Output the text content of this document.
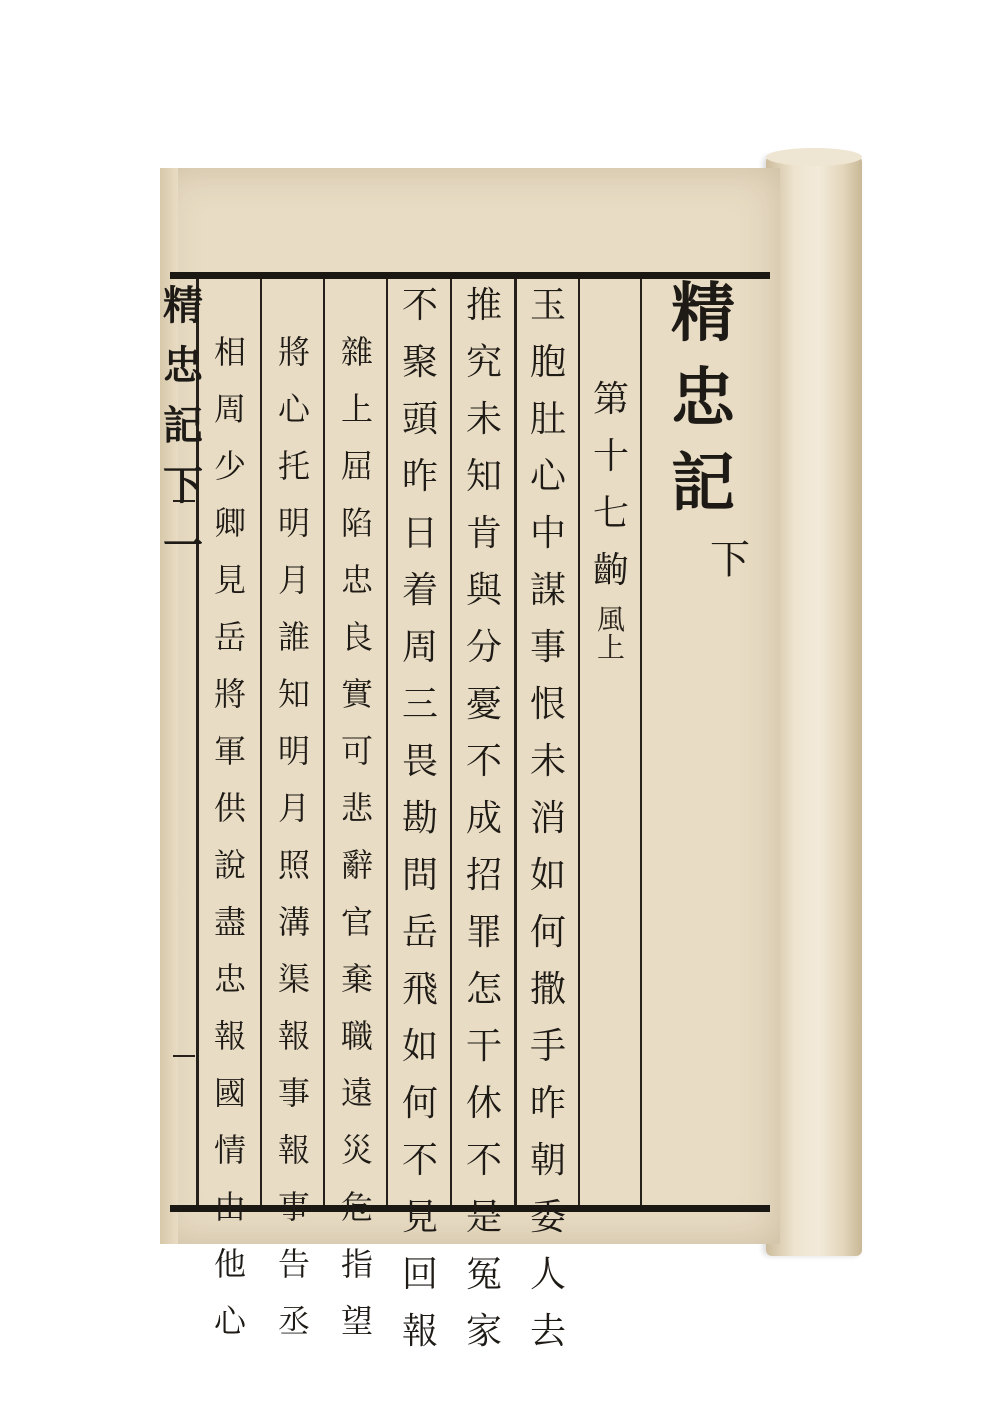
精
忠
記
下
一
玉
胞
肚
心
中
謀
事
恨
未
消
如
何
撒
手
昨
朝
委
人
去
推
究
未
知
肯
與
分
憂
不
成
招
罪
怎
干
休
不
是
冤
家
不
聚
頭
昨
日
着
周
三
畏
勘
問
岳
飛
如
何
不
見
回
報
雜
上
屈
陷
忠
良
實
可
悲
辭
官
棄
職
遠
災
危
指
望
將
心
托
明
月
誰
知
明
月
照
溝
渠
報
事
報
事
告
丞
相
周
少
卿
見
岳
將
軍
供
說
盡
忠
報
國
情
由
他
心
第
十
七
齣
風
上
精
忠
記
下
